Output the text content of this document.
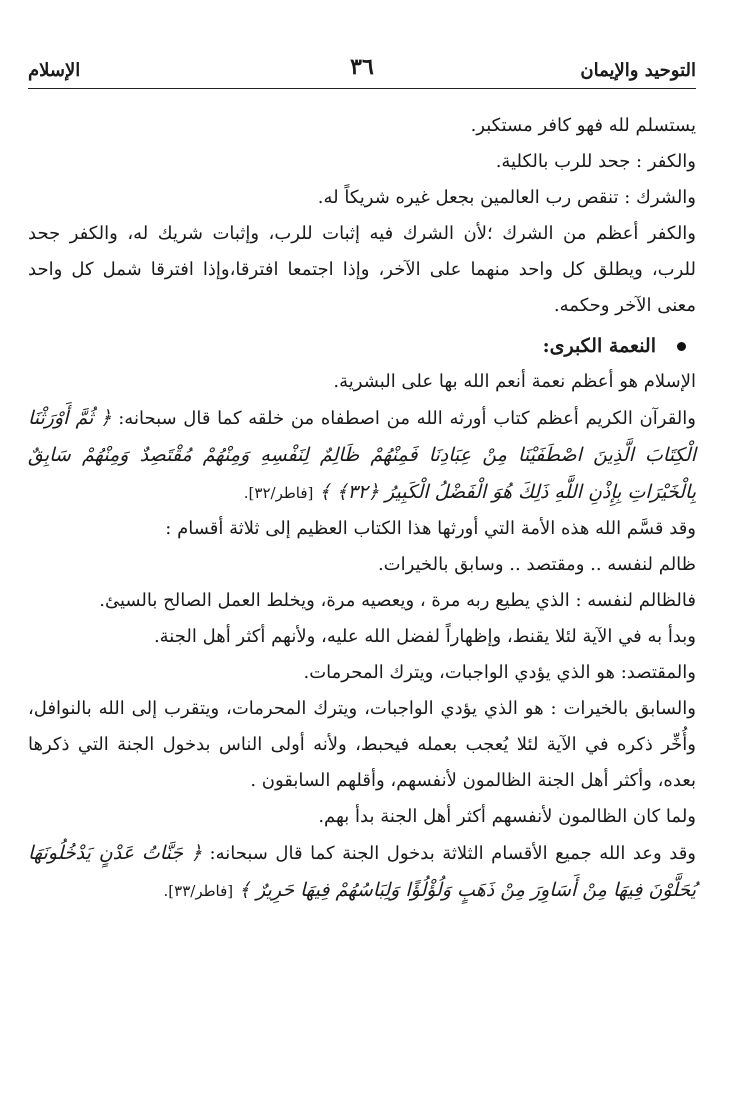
التوحيد والإيمان
٣٦
الإسلام

يستسلم لله فهو كافر مستكبر.

والكفر : جحد للرب بالكلية.

والشرك : تنقص رب العالمين بجعل غيره شريكاً له.

والكفر أعظم من الشرك ؛لأن الشرك فيه إثبات للرب، وإثبات شريك له، والكفر جحد للرب، ويطلق كل واحد منهما على الآخر، وإذا اجتمعا افترقا،وإذا افترقا شمل كل واحد معنى الآخر وحكمه.

النعمة الكبرى:

الإسلام هو أعظم نعمة أنعم الله بها على البشرية.

والقرآن الكريم أعظم كتاب أورثه الله من اصطفاه من خلقه كما قال سبحانه: ﴿ ثُمَّ أَوْرَثْنَا الْكِتَابَ الَّذِينَ اصْطَفَيْنَا مِنْ عِبَادِنَا فَمِنْهُمْ ظَالِمٌ لِنَفْسِهِ وَمِنْهُمْ مُقْتَصِدٌ وَمِنْهُمْ سَابِقٌ بِالْخَيْرَاتِ بِإِذْنِ اللَّهِ ذَلِكَ هُوَ الْفَضْلُ الْكَبِيرُ ﴿٣٢﴾ ﴾ [فاطر/٣٢].

وقد قسَّم الله هذه الأمة التي أورثها هذا الكتاب العظيم إلى ثلاثة أقسام :

ظالم لنفسه .. ومقتصد .. وسابق بالخيرات.

فالظالم لنفسه : الذي يطيع ربه مرة ، ويعصيه مرة، ويخلط العمل الصالح بالسيئ.

وبدأ به في الآية لئلا يقنط، وإظهاراً لفضل الله عليه، ولأنهم أكثر أهل الجنة.

والمقتصد: هو الذي يؤدي الواجبات، ويترك المحرمات.

والسابق بالخيرات : هو الذي يؤدي الواجبات، ويترك المحرمات، ويتقرب إلى الله بالنوافل، وأُخِّر ذكره في الآية لئلا يُعجب بعمله فيحبط، ولأنه أولى الناس بدخول الجنة التي ذكرها بعده، وأكثر أهل الجنة الظالمون لأنفسهم، وأقلهم السابقون .

ولما كان الظالمون لأنفسهم أكثر أهل الجنة بدأ بهم.

وقد وعد الله جميع الأقسام الثلاثة بدخول الجنة كما قال سبحانه: ﴿ جَنَّاتُ عَدْنٍ يَدْخُلُونَهَا يُحَلَّوْنَ فِيهَا مِنْ أَسَاوِرَ مِنْ ذَهَبٍ وَلُؤْلُؤًا وَلِبَاسُهُمْ فِيهَا حَرِيرٌ ﴾ [فاطر/٣٣].
